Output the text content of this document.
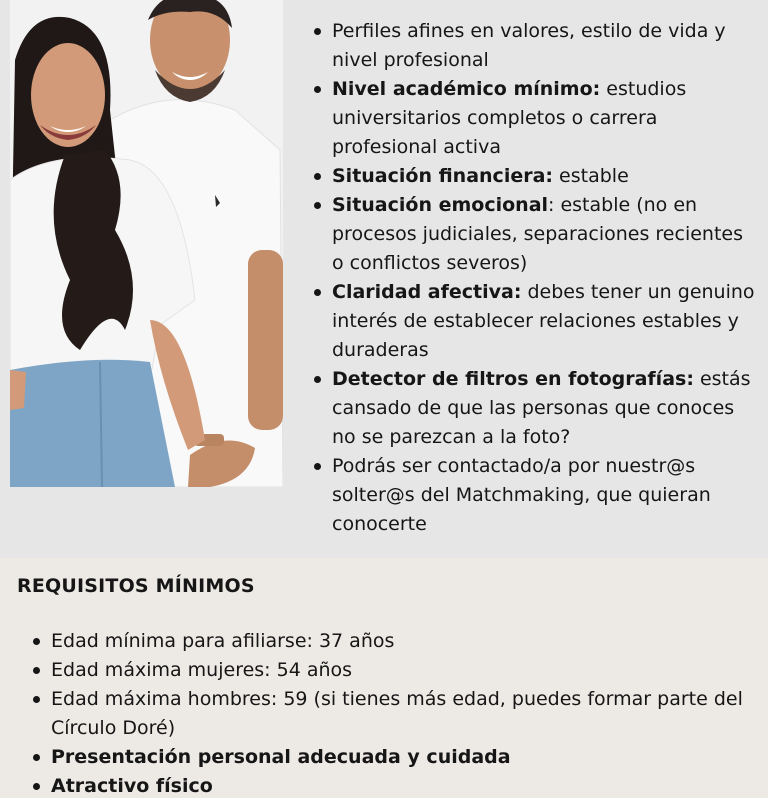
Perfiles afines en valores, estilo de vida y nivel profesional
Nivel académico mínimo: estudios universitarios completos o carrera profesional activa
Situación financiera: estable
Situación emocional: estable (no en procesos judiciales, separaciones recientes o conflictos severos)
Claridad afectiva: debes tener un genuino interés de establecer relaciones estables y duraderas
Detector de filtros en fotografías: estás cansado de que las personas que conoces no se parezcan a la foto?
Podrás ser contactado/a por nuestr@s solter@s del Matchmaking, que quieran conocerte
REQUISITOS MÍNIMOS
Edad mínima para afiliarse: 37 años
Edad máxima mujeres: 54 años
Edad máxima hombres: 59 (si tienes más edad, puedes formar parte del Círculo Doré)
Presentación personal adecuada y cuidada
Atractivo físico
